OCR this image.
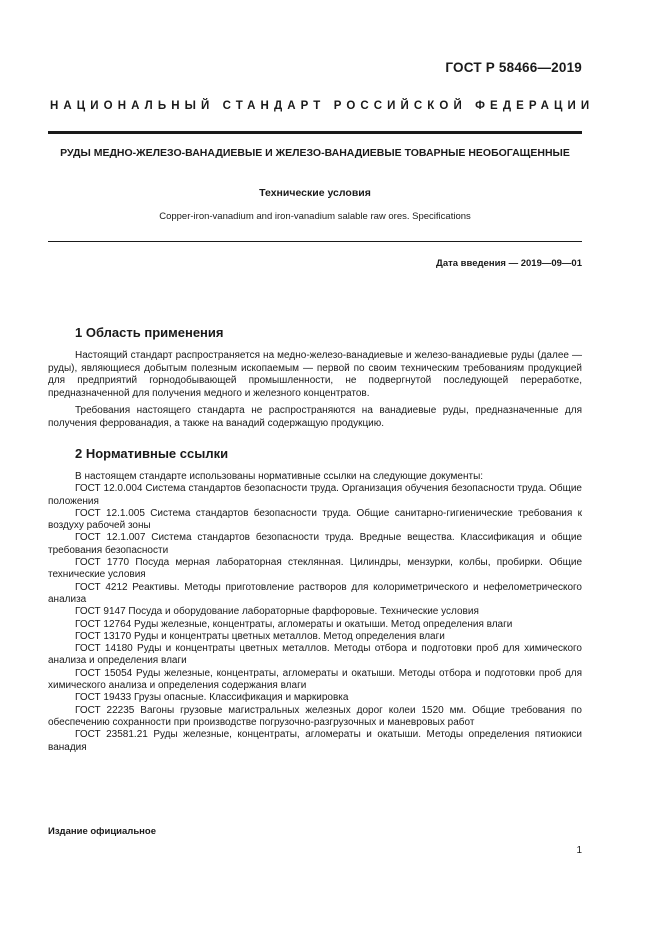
ГОСТ Р 58466—2019
НАЦИОНАЛЬНЫЙ СТАНДАРТ РОССИЙСКОЙ ФЕДЕРАЦИИ
РУДЫ МЕДНО-ЖЕЛЕЗО-ВАНАДИЕВЫЕ И ЖЕЛЕЗО-ВАНАДИЕВЫЕ ТОВАРНЫЕ НЕОБОГАЩЕННЫЕ
Технические условия
Copper-iron-vanadium and iron-vanadium salable raw ores. Specifications
Дата введения — 2019—09—01
1 Область применения
Настоящий стандарт распространяется на медно-железо-ванадиевые и железо-ванадиевые руды (далее — руды), являющиеся добытым полезным ископаемым — первой по своим техническим требованиям продукцией для предприятий горнодобывающей промышленности, не подвергнутой последующей переработке, предназначенной для получения медного и железного концентратов.
Требования настоящего стандарта не распространяются на ванадиевые руды, предназначенные для получения феррованадия, а также на ванадий содержащую продукцию.
2 Нормативные ссылки

В настоящем стандарте использованы нормативные ссылки на следующие документы:

ГОСТ 12.0.004 Система стандартов безопасности труда. Организация обучения безопасности труда. Общие положения

ГОСТ 12.1.005 Система стандартов безопасности труда. Общие санитарно-гигиенические требования к воздуху рабочей зоны

ГОСТ 12.1.007 Система стандартов безопасности труда. Вредные вещества. Классификация и общие требования безопасности

ГОСТ 1770 Посуда мерная лабораторная стеклянная. Цилиндры, мензурки, колбы, пробирки. Общие технические условия

ГОСТ 4212 Реактивы. Методы приготовление растворов для колориметрического и нефелометрического анализа

ГОСТ 9147 Посуда и оборудование лабораторные фарфоровые. Технические условия

ГОСТ 12764 Руды железные, концентраты, агломераты и окатыши. Метод определения влаги

ГОСТ 13170 Руды и концентраты цветных металлов. Метод определения влаги

ГОСТ 14180 Руды и концентраты цветных металлов. Методы отбора и подготовки проб для химического анализа и определения влаги

ГОСТ 15054 Руды железные, концентраты, агломераты и окатыши. Методы отбора и подготовки проб для химического анализа и определения содержания влаги

ГОСТ 19433 Грузы опасные. Классификация и маркировка

ГОСТ 22235 Вагоны грузовые магистральных железных дорог колеи 1520 мм. Общие требования по обеспечению сохранности при производстве погрузочно-разгрузочных и маневровых работ

ГОСТ 23581.21 Руды железные, концентраты, агломераты и окатыши. Методы определения пятиокиси ванадия

Издание официальное
1
